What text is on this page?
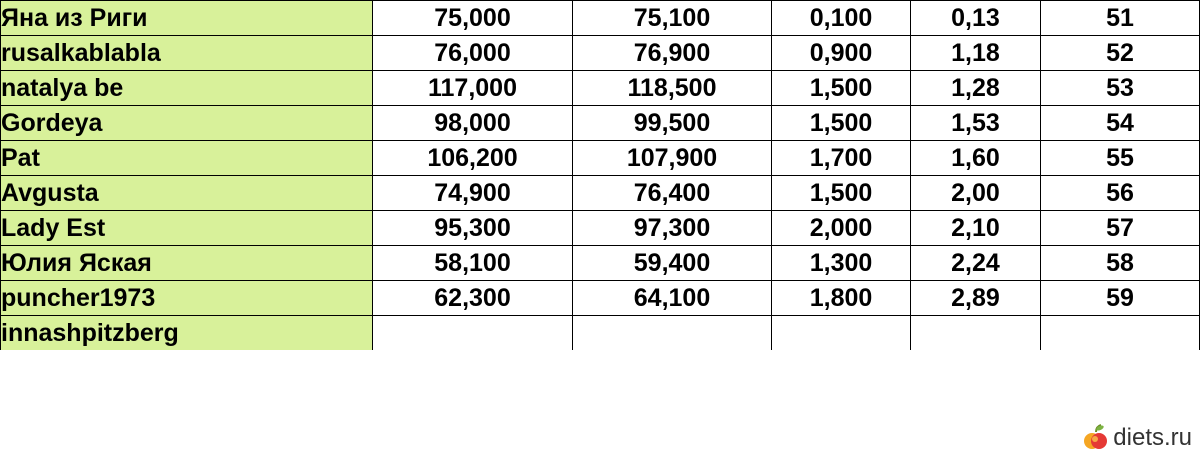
Яна из Риги	75,000	75,100	0,100	0,13	51
rusalkablabla	76,000	76,900	0,900	1,18	52
natalya be	117,000	118,500	1,500	1,28	53
Gordeya	98,000	99,500	1,500	1,53	54
Pat	106,200	107,900	1,700	1,60	55
Avgusta	74,900	76,400	1,500	2,00	56
Lady Est	95,300	97,300	2,000	2,10	57
Юлия Яская	58,100	59,400	1,300	2,24	58
puncher1973	62,300	64,100	1,800	2,89	59
innashpitzberg					
diets.ru
